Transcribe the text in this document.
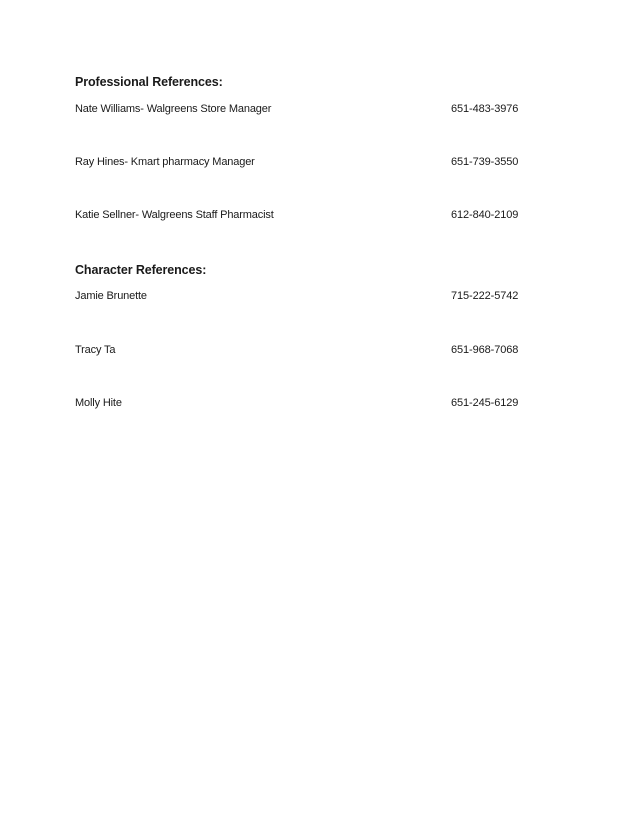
Professional References:
Nate Williams- Walgreens Store Manager	651-483-3976
Ray Hines- Kmart pharmacy Manager	651-739-3550
Katie Sellner- Walgreens Staff Pharmacist	612-840-2109
Character References:
Jamie Brunette	715-222-5742
Tracy Ta	651-968-7068
Molly Hite	651-245-6129
